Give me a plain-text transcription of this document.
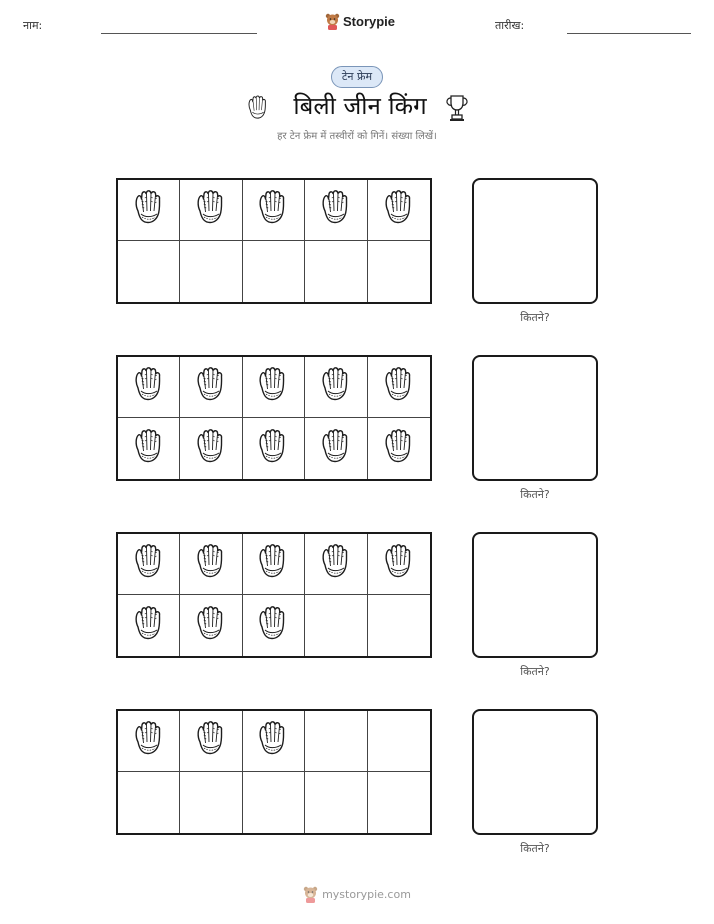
नाम:	Storypie	तारीख:
टेन फ्रेम
बिली जीन किंग
हर टेन फ्रेम में तस्वीरों को गिनें। संख्या लिखें।
कितने?
कितने?
कितने?
कितने?
mystorypie.com
